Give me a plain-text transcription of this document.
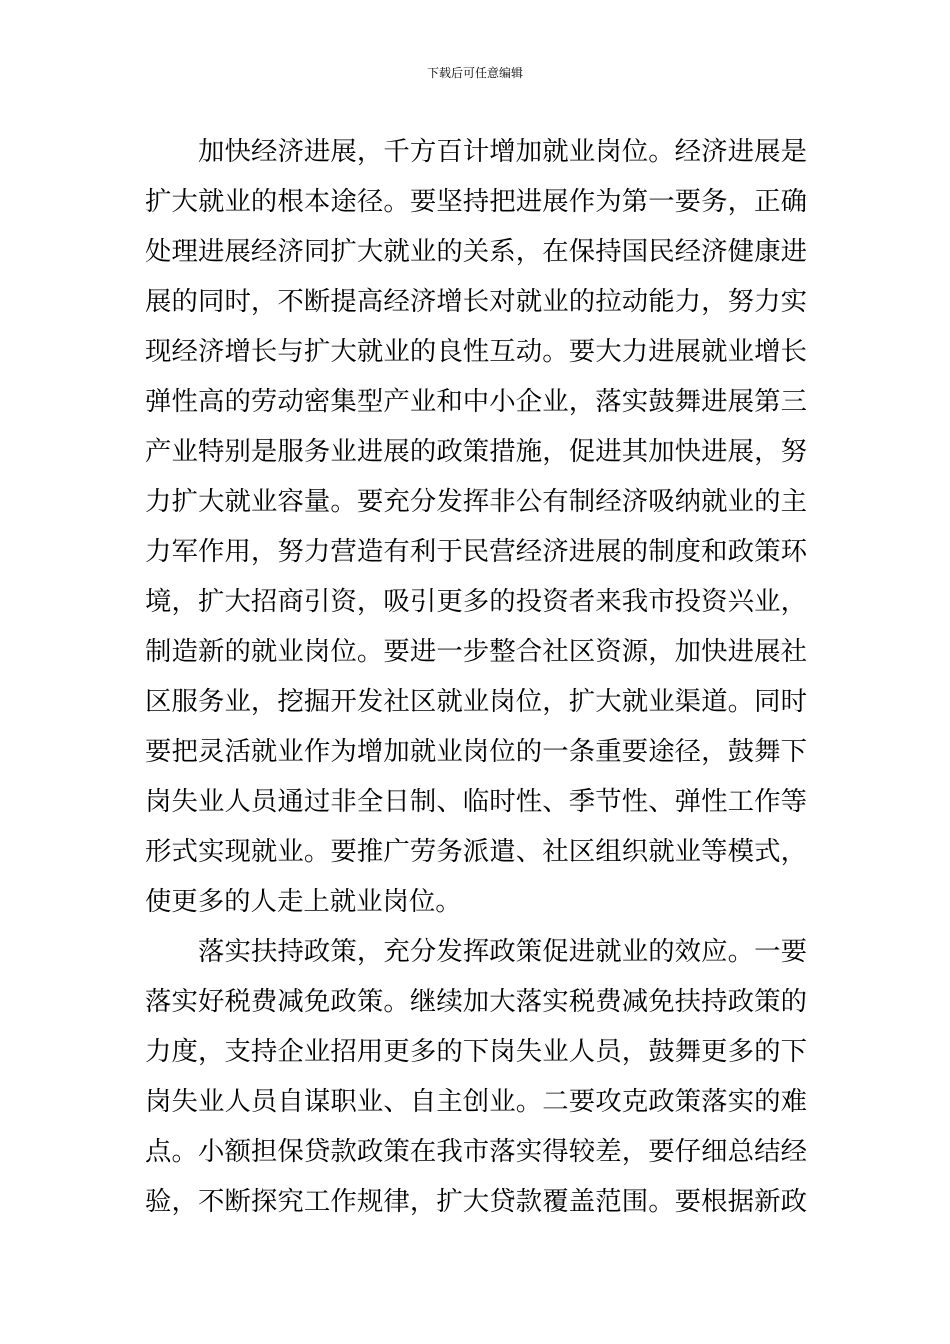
下载后可任意编辑
加快经济进展，千方百计增加就业岗位。经济进展是
扩大就业的根本途径。要坚持把进展作为第一要务，正确
处理进展经济同扩大就业的关系，在保持国民经济健康进
展的同时，不断提高经济增长对就业的拉动能力，努力实
现经济增长与扩大就业的良性互动。要大力进展就业增长
弹性高的劳动密集型产业和中小企业，落实鼓舞进展第三
产业特别是服务业进展的政策措施，促进其加快进展，努
力扩大就业容量。要充分发挥非公有制经济吸纳就业的主
力军作用，努力营造有利于民营经济进展的制度和政策环
境，扩大招商引资，吸引更多的投资者来我市投资兴业，
制造新的就业岗位。要进一步整合社区资源，加快进展社
区服务业，挖掘开发社区就业岗位，扩大就业渠道。同时
要把灵活就业作为增加就业岗位的一条重要途径，鼓舞下
岗失业人员通过非全日制、临时性、季节性、弹性工作等
形式实现就业。要推广劳务派遣、社区组织就业等模式，
使更多的人走上就业岗位。
落实扶持政策，充分发挥政策促进就业的效应。一要
落实好税费减免政策。继续加大落实税费减免扶持政策的
力度，支持企业招用更多的下岗失业人员，鼓舞更多的下
岗失业人员自谋职业、自主创业。二要攻克政策落实的难
点。小额担保贷款政策在我市落实得较差，要仔细总结经
验，不断探究工作规律，扩大贷款覆盖范围。要根据新政
